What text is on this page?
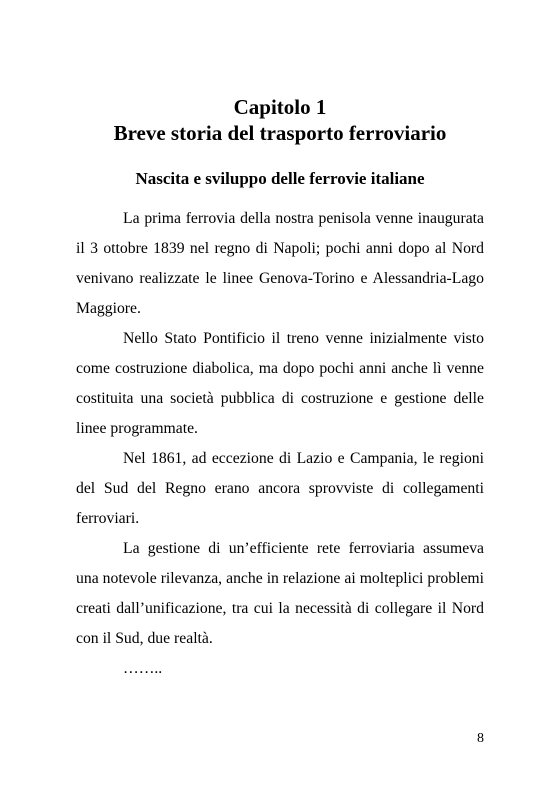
Capitolo 1
Breve storia del trasporto ferroviario
Nascita e sviluppo delle ferrovie italiane

La prima ferrovia della nostra penisola venne inaugurata il 3 ottobre 1839 nel regno di Napoli; pochi anni dopo al Nord venivano realizzate le linee Genova-Torino e Alessandria-Lago Maggiore.

Nello Stato Pontificio il treno venne inizialmente visto come costruzione diabolica, ma dopo pochi anni anche lì venne costituita una società pubblica di costruzione e gestione delle linee programmate.

Nel 1861, ad eccezione di Lazio e Campania, le regioni del Sud del Regno erano ancora sprovviste di collegamenti ferroviari.

La gestione di un’efficiente rete ferroviaria assumeva una notevole rilevanza, anche in relazione ai molteplici problemi creati dall’unificazione, tra cui la necessità di collegare il Nord con il Sud, due realtà.

……..

8
